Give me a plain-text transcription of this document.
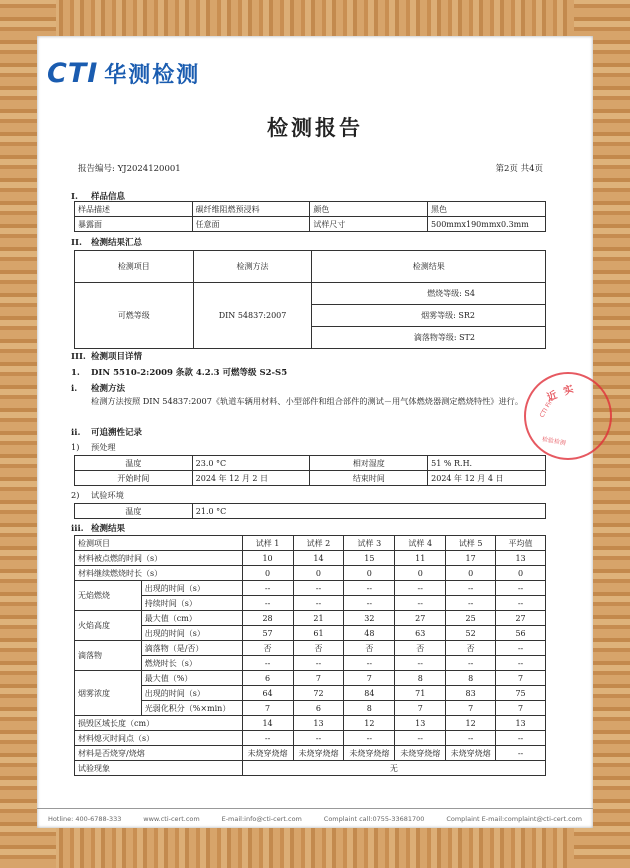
CTI 华测检测
检测报告
报告编号: YJ2024120001	第2页 共4页
I. 样品信息
样品描述	碳纤维阻燃预浸料	颜色	黑色
暴露面	任意面	试样尺寸	500mmx190mmx0.3mm
II. 检测结果汇总
检测项目	检测方法	检测结果
可燃等级	DIN 54837:2007	燃烧等级: S4
		烟雾等级: SR2
		滴落物等级: ST2
III. 检测项目详情
1. DIN 5510-2:2009 条款 4.2.3 可燃等级 S2-S5
i. 检测方法
检测方法按照 DIN 54837:2007《轨道车辆用材料、小型部件和组合部件的测试－用气体燃烧器测定燃烧特性》进行。
ii. 可追溯性记录
1) 预处理
温度	23.0 °C	相对湿度	51 % R.H.
开始时间	2024 年 12 月 2 日	结束时间	2024 年 12 月 4 日
2) 试验环境
温度	21.0 °C
iii. 检测结果
检测项目		试样 1	试样 2	试样 3	试样 4	试样 5	平均值
材料被点燃的时间（s）		10	14	15	11	17	13
材料继续燃烧时长（s）		0	0	0	0	0	0
无焰燃烧	出现的时间（s）	--	--	--	--	--	--
	持续时间（s）	--	--	--	--	--	--
火焰高度	最大值（cm）	28	21	32	27	25	27
	出现的时间（s）	57	61	48	63	52	56
滴落物	滴落物（是/否）	否	否	否	否	否	--
	燃烧时长（s）	--	--	--	--	--	--
烟雾浓度	最大值（%）	6	7	7	8	8	7
	出现的时间（s）	64	72	84	71	83	75
	光弱化积分（%×min）	7	6	8	7	7	7
损毁区域长度（cm）		14	13	12	13	12	13
材料熄灭时间点（s）		--	--	--	--	--	--
材料是否烧穿/烧熔		未烧穿烧熔	未烧穿烧熔	未烧穿烧熔	未烧穿烧熔	未烧穿烧熔	--
试验现象		无					
Hotline: 400-6788-333	www.cti-cert.com	E-mail:info@cti-cert.com	Complaint call:0755-33681700	Complaint E-mail:complaint@cti-cert.com
近 实
CTI Fire
检验检测
